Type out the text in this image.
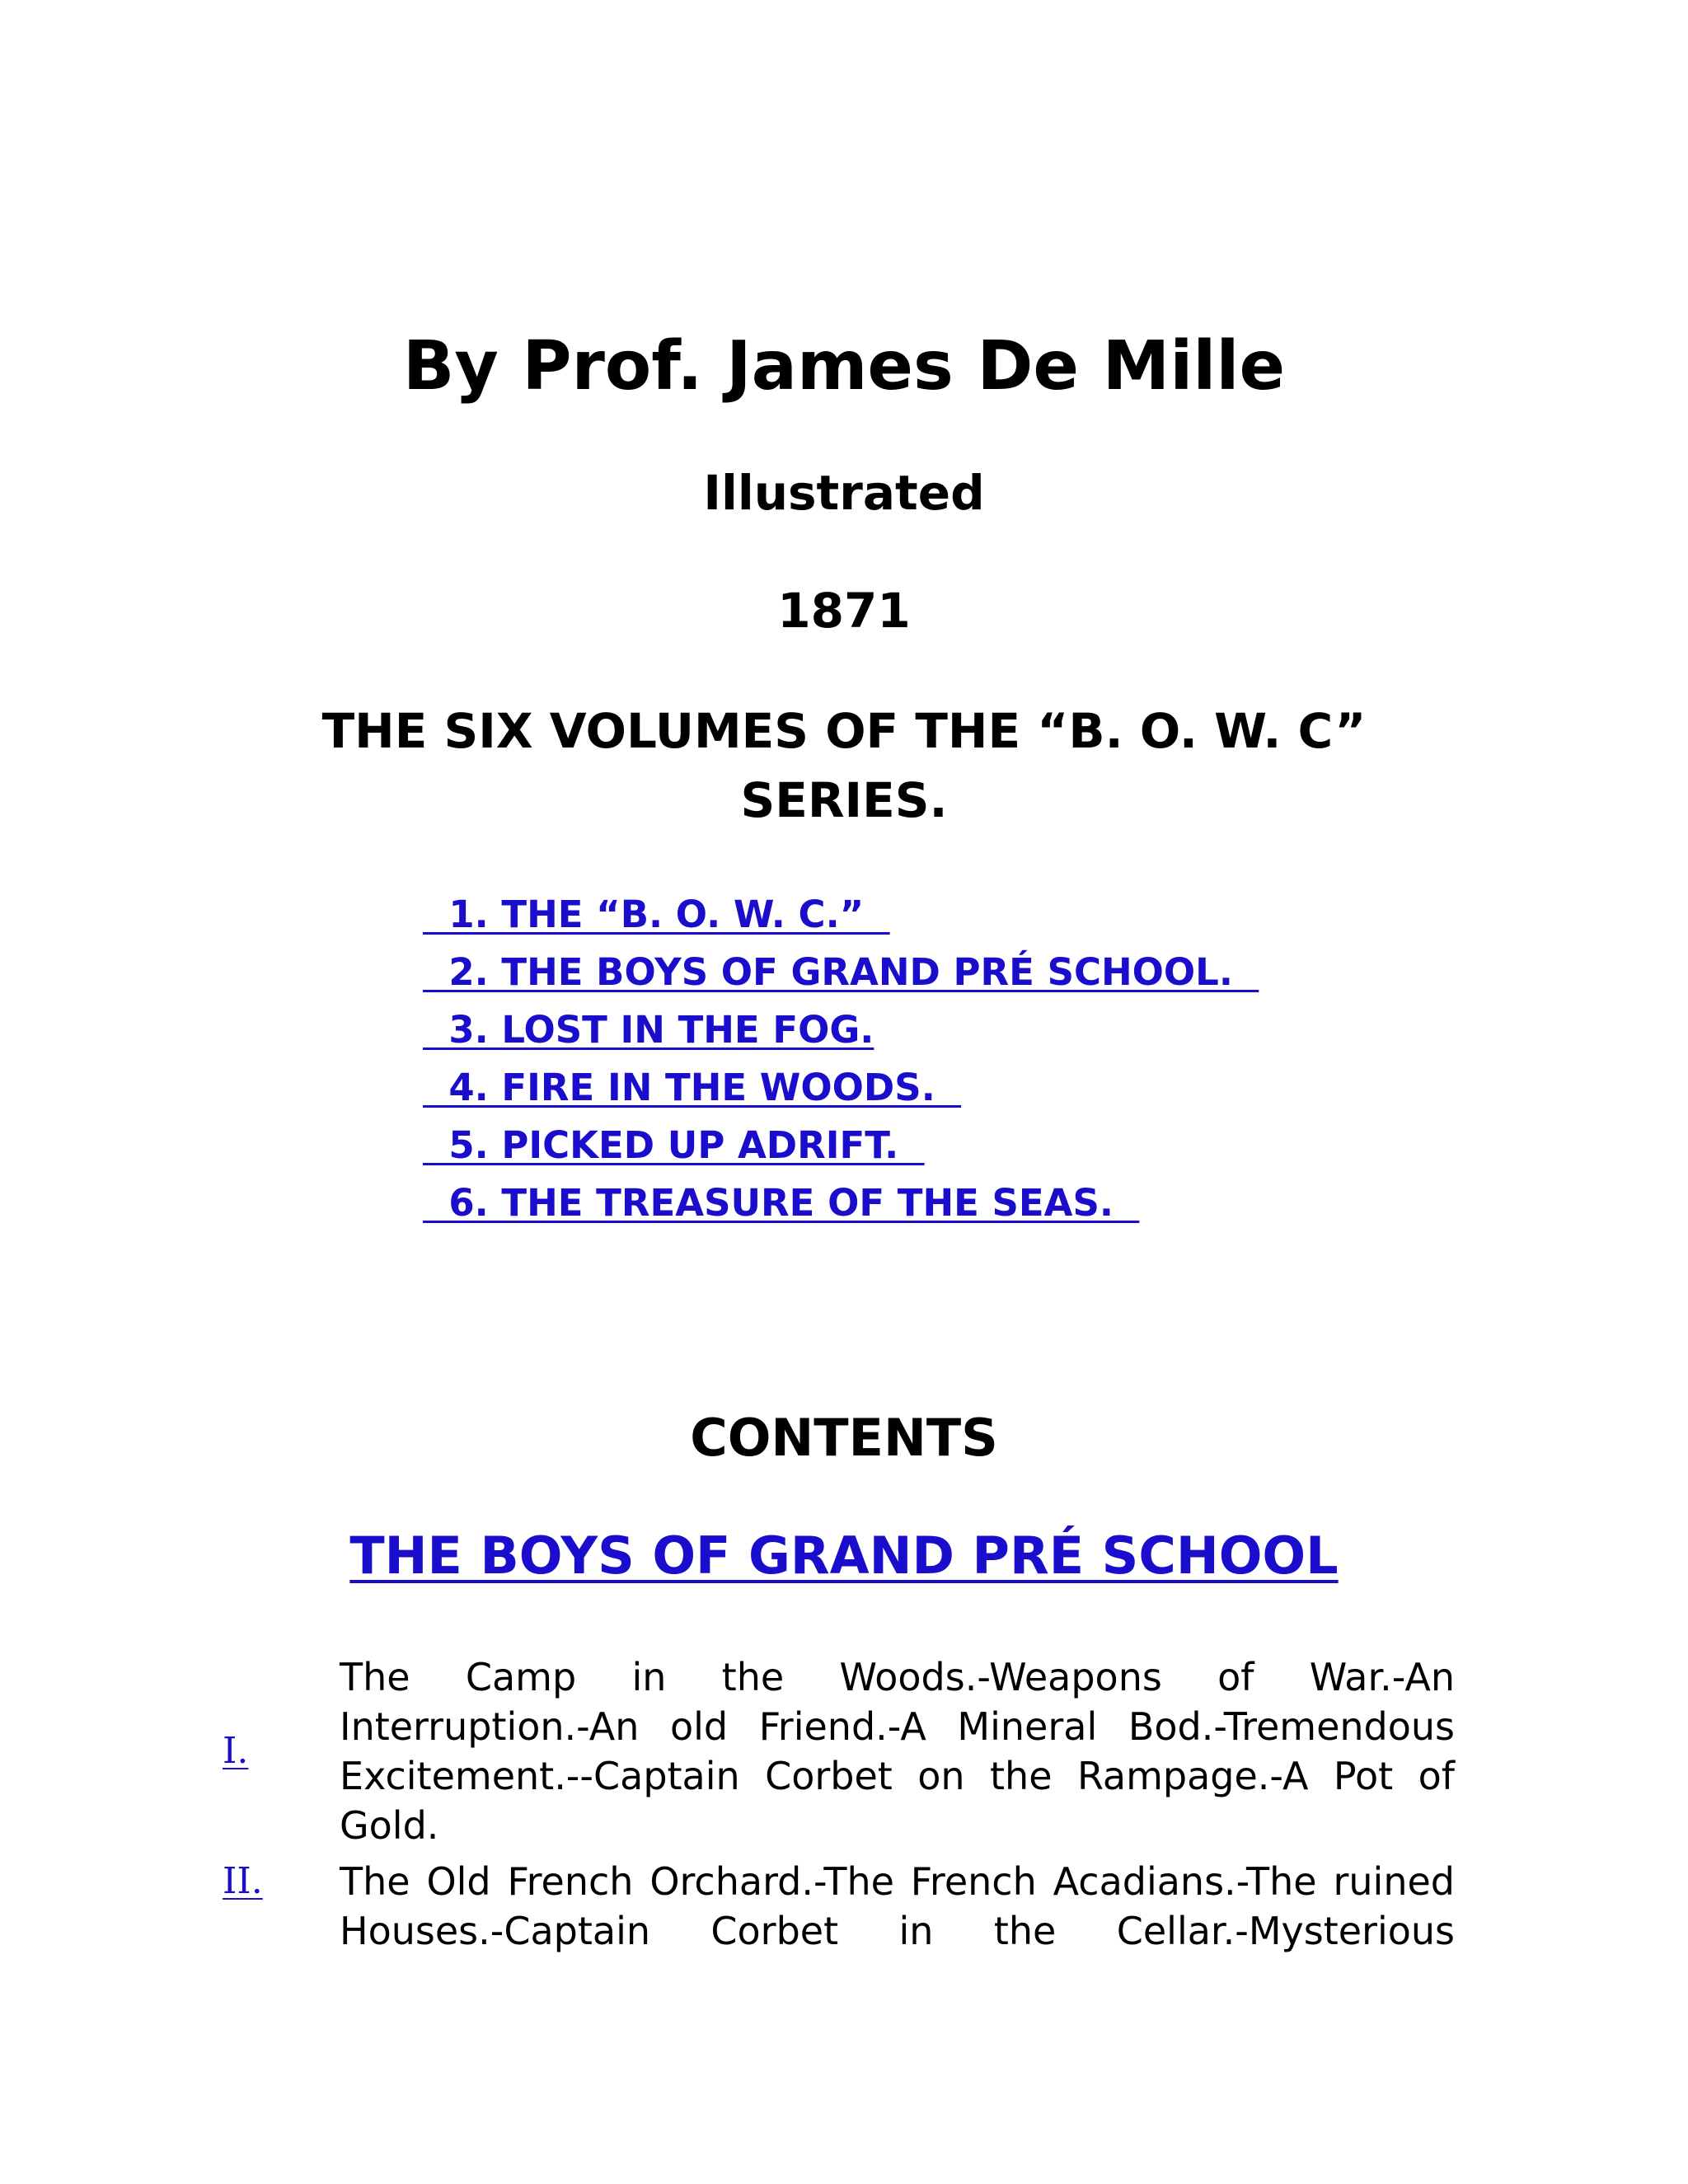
By Prof. James De Mille
Illustrated
1871
THE SIX VOLUMES OF THE “B. O. W. C” SERIES.
1. THE “B. O. W. C.”
2. THE BOYS OF GRAND PRÉ SCHOOL.
3. LOST IN THE FOG.
4. FIRE IN THE WOODS.
5. PICKED UP ADRIFT.
6. THE TREASURE OF THE SEAS.
CONTENTS
THE BOYS OF GRAND PRÉ SCHOOL
I.
The Camp in the Woods.-Weapons of War.-An Interruption.-An old Friend.-A Mineral Bod.-Tremendous Excitement.--Captain Corbet on the Rampage.-A Pot of Gold.
II.	The Old French Orchard.-The French Acadians.-The ruined Houses.-Captain Corbet in the Cellar.-Mysterious
